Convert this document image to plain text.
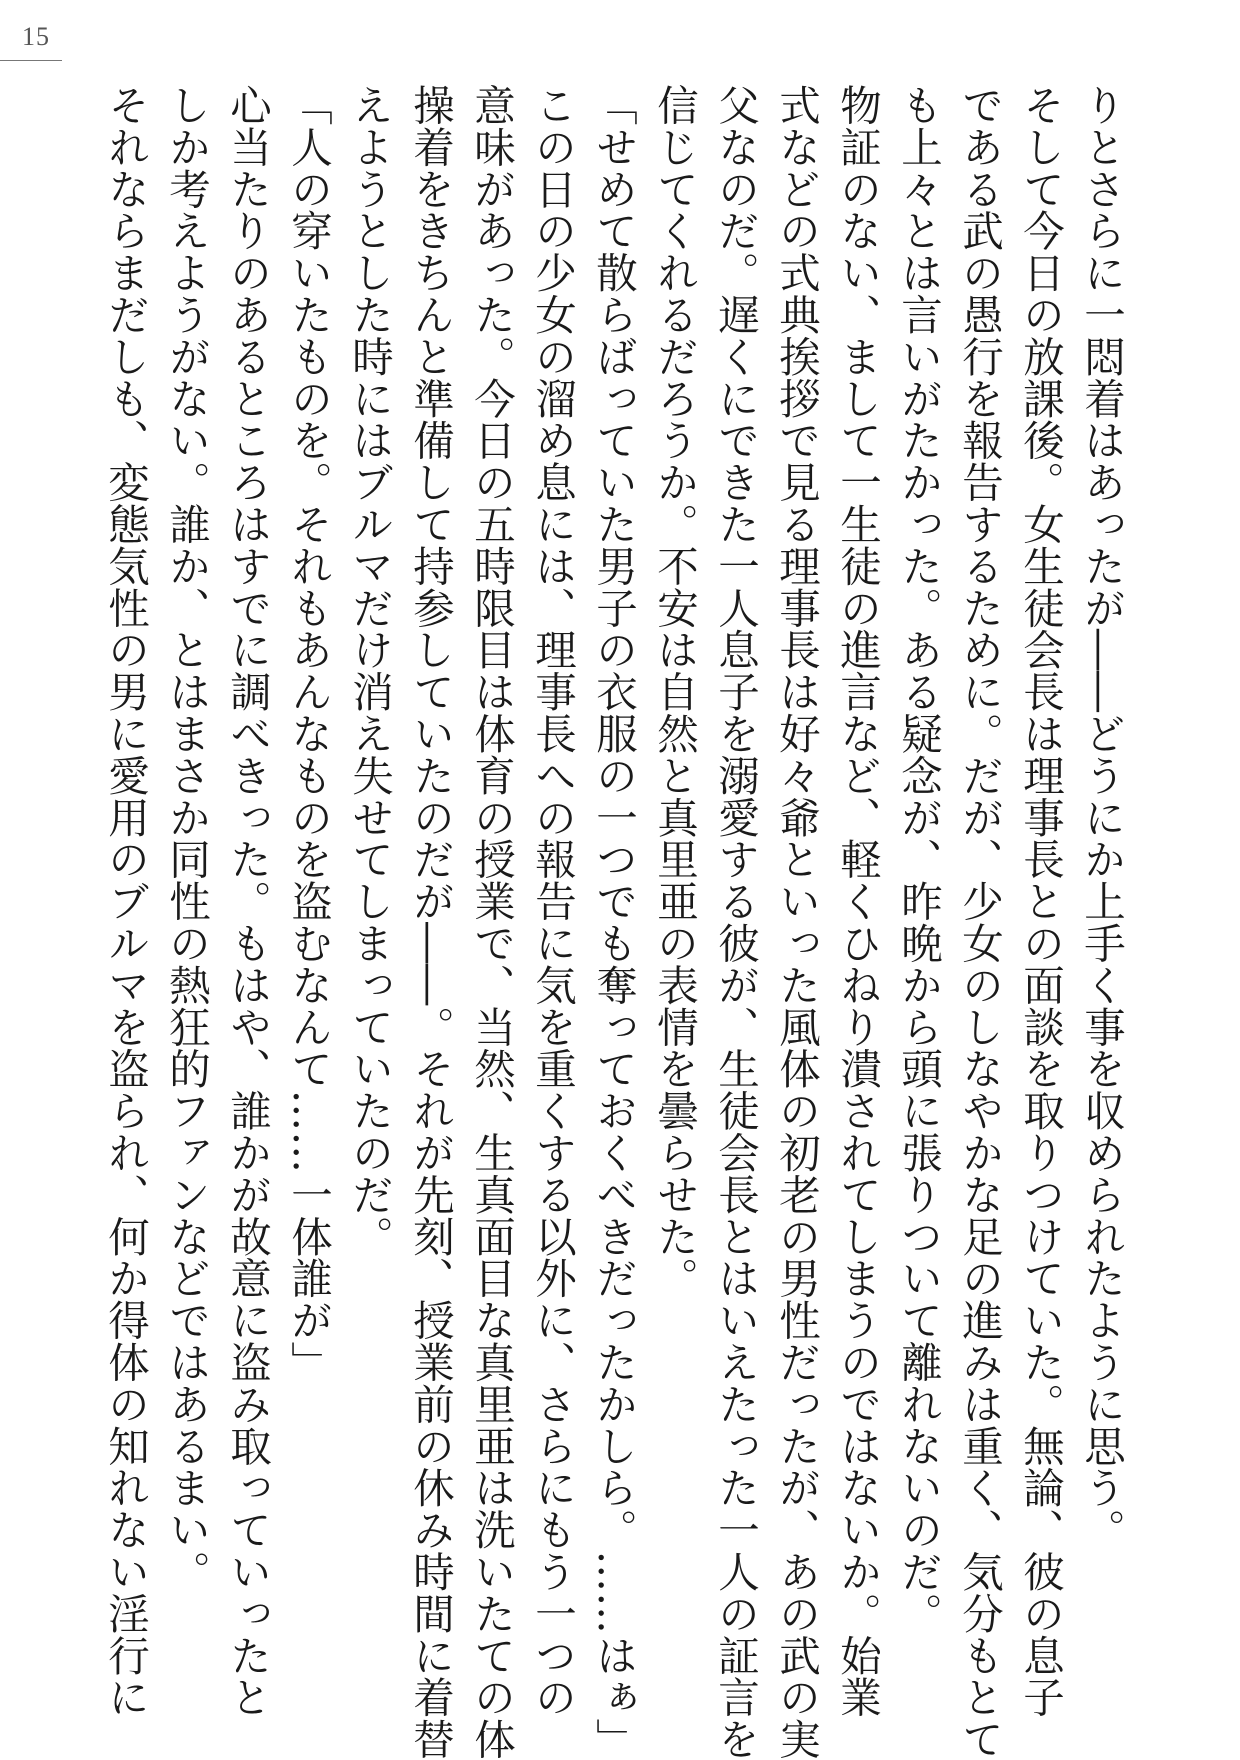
15

りとさらに一悶着はあったが――どうにか上手く事を収められたように思う。

そして今日の放課後。女生徒会長は理事長との面談を取りつけていた。無論、彼の息子

である武の愚行を報告するために。だが、少女のしなやかな足の進みは重く、気分もとて

も上々とは言いがたかった。ある疑念が、昨晩から頭に張りついて離れないのだ。

物証のない、まして一生徒の進言など、軽くひねり潰されてしまうのではないか。始業

式などの式典挨拶で見る理事長は好々爺といった風体の初老の男性だったが、あの武の実

父なのだ。遅くにできた一人息子を溺愛する彼が、生徒会長とはいえたった一人の証言を

信じてくれるだろうか。不安は自然と真里亜の表情を曇らせた。

「せめて散らばっていた男子の衣服の一つでも奪っておくべきだったかしら。……はぁ」

この日の少女の溜め息には、理事長への報告に気を重くする以外に、さらにもう一つの

意味があった。今日の五時限目は体育の授業で、当然、生真面目な真里亜は洗いたての体

操着をきちんと準備して持参していたのだが――。それが先刻、授業前の休み時間に着替

えようとした時にはブルマだけ消え失せてしまっていたのだ。

「人の穿いたものを。それもあんなものを盗むなんて……一体誰が」

心当たりのあるところはすでに調べきった。もはや、誰かが故意に盗み取っていったと

しか考えようがない。誰か、とはまさか同性の熱狂的ファンなどではあるまい。

それならまだしも、変態気性の男に愛用のブルマを盗られ、何か得体の知れない淫行に
